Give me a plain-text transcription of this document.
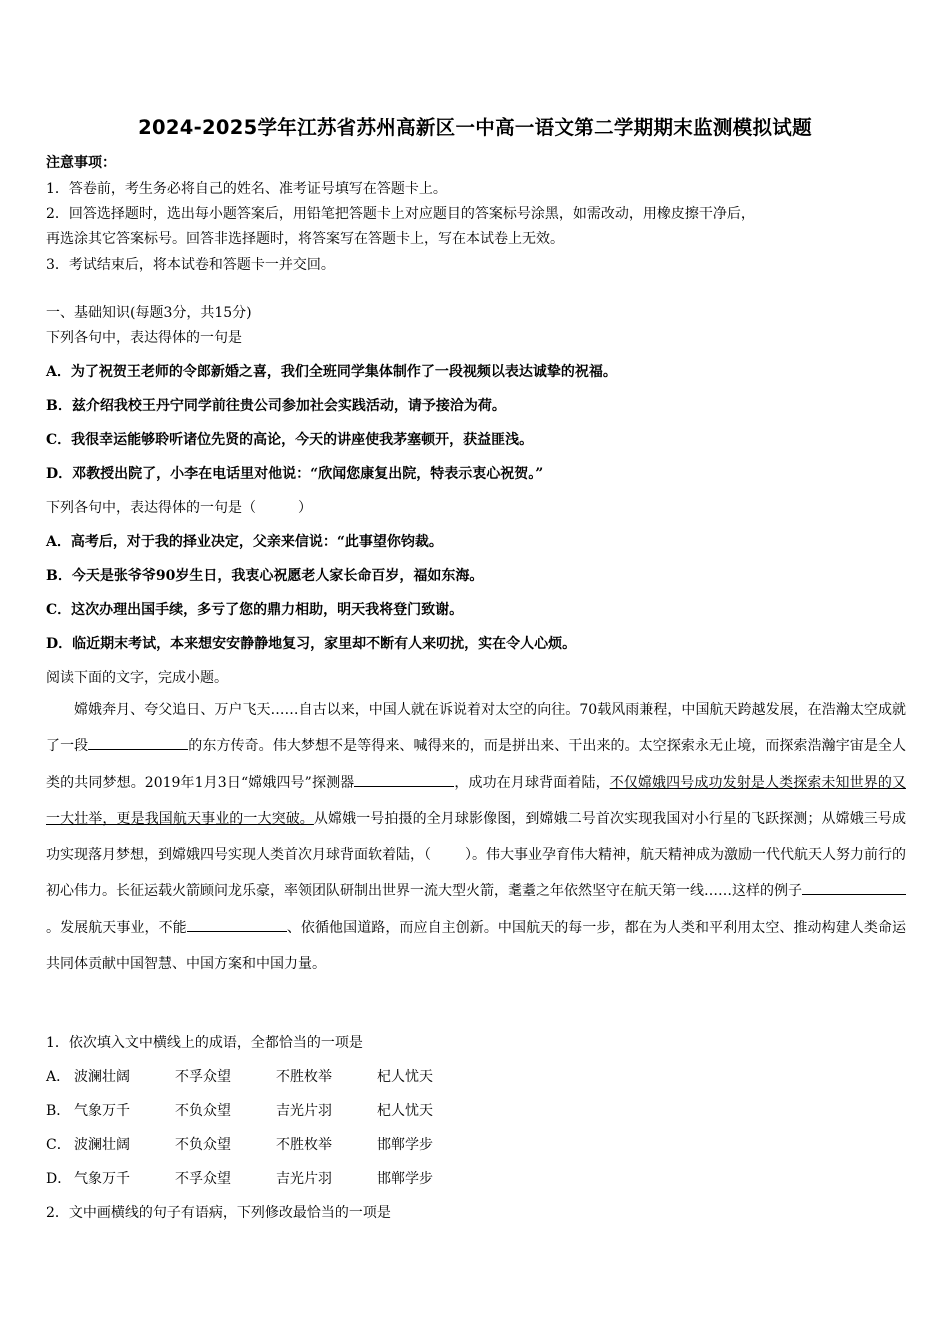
2024-2025学年江苏省苏州高新区一中高一语文第二学期期末监测模拟试题
注意事项：
1．答卷前，考生务必将自己的姓名、准考证号填写在答题卡上。
2．回答选择题时，选出每小题答案后，用铅笔把答题卡上对应题目的答案标号涂黑，如需改动，用橡皮擦干净后，
再选涂其它答案标号。回答非选择题时，将答案写在答题卡上，写在本试卷上无效。
3．考试结束后，将本试卷和答题卡一并交回。
一、基础知识(每题3分，共15分)
下列各句中，表达得体的一句是
A．为了祝贺王老师的令郎新婚之喜，我们全班同学集体制作了一段视频以表达诚挚的祝福。
B．兹介绍我校王丹宁同学前往贵公司参加社会实践活动，请予接洽为荷。
C．我很幸运能够聆听诸位先贤的高论，今天的讲座使我茅塞顿开，获益匪浅。
D．邓教授出院了，小李在电话里对他说：“欣闻您康复出院，特表示衷心祝贺。”
下列各句中，表达得体的一句是（	）
A．高考后，对于我的择业决定，父亲来信说：“此事望你钧裁。
B．今天是张爷爷90岁生日，我衷心祝愿老人家长命百岁，福如东海。
C．这次办理出国手续，多亏了您的鼎力相助，明天我将登门致谢。
D．临近期末考试，本来想安安静静地复习，家里却不断有人来叨扰，实在令人心烦。
阅读下面的文字，完成小题。

嫦娥奔月、夸父追日、万户飞天……自古以来，中国人就在诉说着对太空的向往。70载风雨兼程，中国航天跨越发展，在浩瀚太空成就了一段	的东方传奇。伟大梦想不是等得来、喊得来的，而是拼出来、干出来的。太空探索永无止境，而探索浩瀚宇宙是全人类的共同梦想。2019年1月3日“嫦娥四号”探测器	，成功在月球背面着陆，不仅嫦娥四号成功发射是人类探索未知世界的又一大壮举，更是我国航天事业的一大突破。从嫦娥一号拍摄的全月球影像图，到嫦娥二号首次实现我国对小行星的飞跃探测；从嫦娥三号成功实现落月梦想，到嫦娥四号实现人类首次月球背面软着陆，（ ）。伟大事业孕育伟大精神，航天精神成为激励一代代航天人努力前行的初心伟力。长征运载火箭顾问龙乐豪，率领团队研制出世界一流大型火箭，耄耋之年依然坚守在航天第一线……这样的例子。发展航天事业，不能	、依循他国道路，而应自主创新。中国航天的每一步，都在为人类和平利用太空、推动构建人类命运共同体贡献中国智慧、中国方案和中国力量。

1．依次填入文中横线上的成语，全都恰当的一项是
A． 波澜壮阔	不孚众望	不胜枚举	杞人忧天
B． 气象万千	不负众望	吉光片羽	杞人忧天
C． 波澜壮阔	不负众望	不胜枚举	邯郸学步
D． 气象万千	不孚众望	吉光片羽	邯郸学步
2．文中画横线的句子有语病，下列修改最恰当的一项是
